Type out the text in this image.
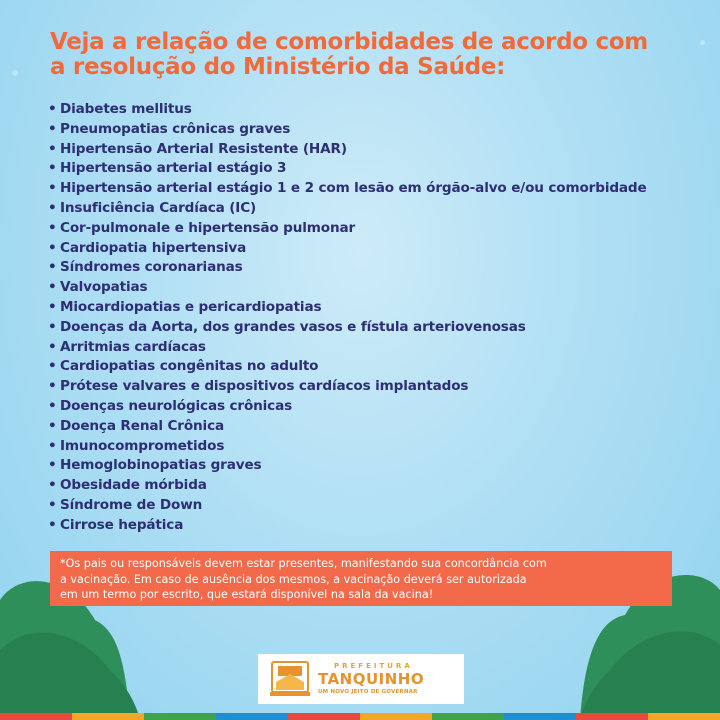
Veja a relação de comorbidades de acordo com
a resolução do Ministério da Saúde:
• Diabetes mellitus
• Pneumopatias crônicas graves
• Hipertensão Arterial Resistente (HAR)
• Hipertensão arterial estágio 3
• Hipertensão arterial estágio 1 e 2 com lesão em órgão-alvo e/ou comorbidade
• Insuficiência Cardíaca (IC)
• Cor-pulmonale e hipertensão pulmonar
• Cardiopatia hipertensiva
• Síndromes coronarianas
• Valvopatias
• Miocardiopatias e pericardiopatias
• Doenças da Aorta, dos grandes vasos e fístula arteriovenosas
• Arritmias cardíacas
• Cardiopatias congênitas no adulto
• Prótese valvares e dispositivos cardíacos implantados
• Doenças neurológicas crônicas
• Doença Renal Crônica
• Imunocomprometidos
• Hemoglobinopatias graves
• Obesidade mórbida
• Síndrome de Down
• Cirrose hepática

*Os pais ou responsáveis devem estar presentes, manifestando sua concordância com
a vacinação. Em caso de ausência dos mesmos, a vacinação deverá ser autorizada
em um termo por escrito, que estará disponível na sala da vacina!

PREFEITURA
TANQUINHO
UM NOVO JEITO DE GOVERNAR
